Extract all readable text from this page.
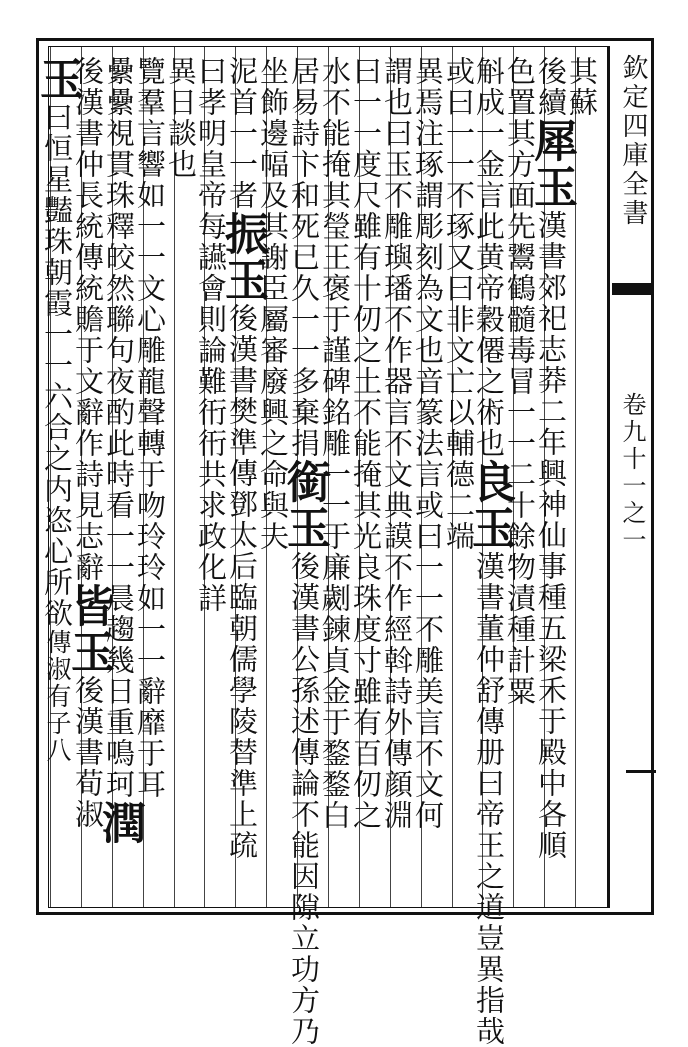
欽定四庫全書
卷九十一之一
其蘇
後續犀玉漢書郊祀志莽二年興神仙事種五梁禾于殿中各順
色置其方面先鬻鶴髓毒冒一一二十餘物漬種計粟
斛成一金言此黄帝穀僊之術也良玉漢書董仲舒傳册曰帝王之道豈異指哉
或曰一一不琢又曰非文亡以輔德二端
異焉注琢謂彫刻為文也音篆法言或曰一一不雕美言不文何
謂也曰玉不雕璵璠不作器言不文典謨不作經斡詩外傳顔淵
曰一一度尺雖有十仞之土不能掩其光良珠度寸雖有百仞之
水不能掩其瑩王褒于謹碑銘雕一一于廉劌鍊貞金于鍪鍪白
居易詩卞和死已久一一多棄捐銜玉後漢書公孫述傳論不能因隙立功方乃
坐飾邊幅及其謝臣屬審廢興之命與夫
泥首一一者振玉後漢書樊準傳鄧太后臨朝儒學陵替準上疏
曰孝明皇帝每讌會則論難衎衎共求政化詳
異日談也
覽羣言響如一一文心雕龍聲轉于吻玲玲如一一辭靡于耳
纍纍視貫珠釋皎然聯句夜酌此時看一一晨趨幾日重鳴珂潤
後漢書仲長統傳統贍于文辭作詩見志辭皆玉後漢書荀淑
玉曰恒星豔珠朝霞一一六合之内恣心所欲傳淑有子八
